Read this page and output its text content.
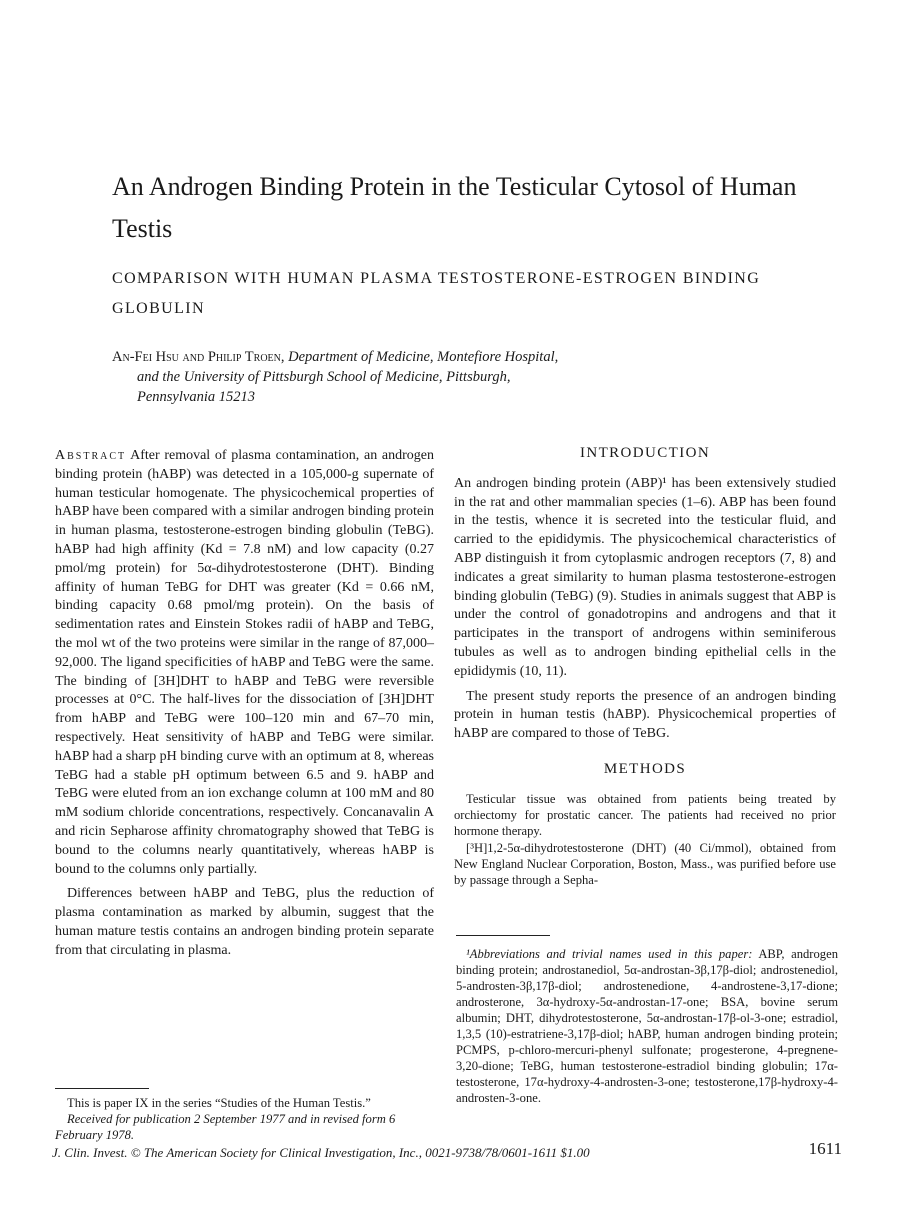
An Androgen Binding Protein in the Testicular Cytosol of Human Testis
COMPARISON WITH HUMAN PLASMA TESTOSTERONE-ESTROGEN BINDING GLOBULIN
An-Fei Hsu and Philip Troen, Department of Medicine, Montefiore Hospital,
and the University of Pittsburgh School of Medicine, Pittsburgh,
Pennsylvania 15213

Abstract After removal of plasma contamination, an androgen binding protein (hABP) was detected in a 105,000-g supernate of human testicular homogenate. The physicochemical properties of hABP have been compared with a similar androgen binding protein in human plasma, testosterone-estrogen binding globulin (TeBG). hABP had high affinity (Kd = 7.8 nM) and low capacity (0.27 pmol/mg protein) for 5α-dihydrotestosterone (DHT). Binding affinity of human TeBG for DHT was greater (Kd = 0.66 nM, binding capacity 0.68 pmol/mg protein). On the basis of sedimentation rates and Einstein Stokes radii of hABP and TeBG, the mol wt of the two proteins were similar in the range of 87,000–92,000. The ligand specificities of hABP and TeBG were the same. The binding of [3H]DHT to hABP and TeBG were reversible processes at 0°C. The half-lives for the dissociation of [3H]DHT from hABP and TeBG were 100–120 min and 67–70 min, respectively. Heat sensitivity of hABP and TeBG were similar. hABP had a sharp pH binding curve with an optimum at 8, whereas TeBG had a stable pH optimum between 6.5 and 9. hABP and TeBG were eluted from an ion exchange column at 100 mM and 80 mM sodium chloride concentrations, respectively. Concanavalin A and ricin Sepharose affinity chromatography showed that TeBG is bound to the columns nearly quantitatively, whereas hABP is bound to the columns only partially.

Differences between hABP and TeBG, plus the reduction of plasma contamination as marked by albumin, suggest that the human mature testis contains an androgen binding protein separate from that circulating in plasma.

This is paper IX in the series “Studies of the Human Testis.”
Received for publication 2 September 1977 and in revised form 6 February 1978.
INTRODUCTION

An androgen binding protein (ABP)¹ has been extensively studied in the rat and other mammalian species (1–6). ABP has been found in the testis, whence it is secreted into the testicular fluid, and carried to the epididymis. The physicochemical characteristics of ABP distinguish it from cytoplasmic androgen receptors (7, 8) and indicates a great similarity to human plasma testosterone-estrogen binding globulin (TeBG) (9). Studies in animals suggest that ABP is under the control of gonadotropins and androgens and that it participates in the transport of androgens within seminiferous tubules as well as to androgen binding epithelial cells in the epididymis (10, 11).

The present study reports the presence of an androgen binding protein in human testis (hABP). Physicochemical properties of hABP are compared to those of TeBG.

METHODS

Testicular tissue was obtained from patients being treated by orchiectomy for prostatic cancer. The patients had received no prior hormone therapy.

[³H]1,2-5α-dihydrotestosterone (DHT) (40 Ci/mmol), obtained from New England Nuclear Corporation, Boston, Mass., was purified before use by passage through a Sepha-

¹Abbreviations and trivial names used in this paper: ABP, androgen binding protein; androstanediol, 5α-androstan-3β,17β-diol; androstenediol, 5-androsten-3β,17β-diol; androstenedione, 4-androstene-3,17-dione; androsterone, 3α-hydroxy-5α-androstan-17-one; BSA, bovine serum albumin; DHT, dihydrotestosterone, 5α-androstan-17β-ol-3-one; estradiol, 1,3,5 (10)-estratriene-3,17β-diol; hABP, human androgen binding protein; PCMPS, p-chloro-mercuri-phenyl sulfonate; progesterone, 4-pregnene-3,20-dione; TeBG, human testosterone-estradiol binding globulin; 17α-testosterone, 17α-hydroxy-4-androsten-3-one; testosterone,17β-hydroxy-4-androsten-3-one.
J. Clin. Invest. © The American Society for Clinical Investigation, Inc., 0021-9738/78/0601-1611 $1.00	1611
